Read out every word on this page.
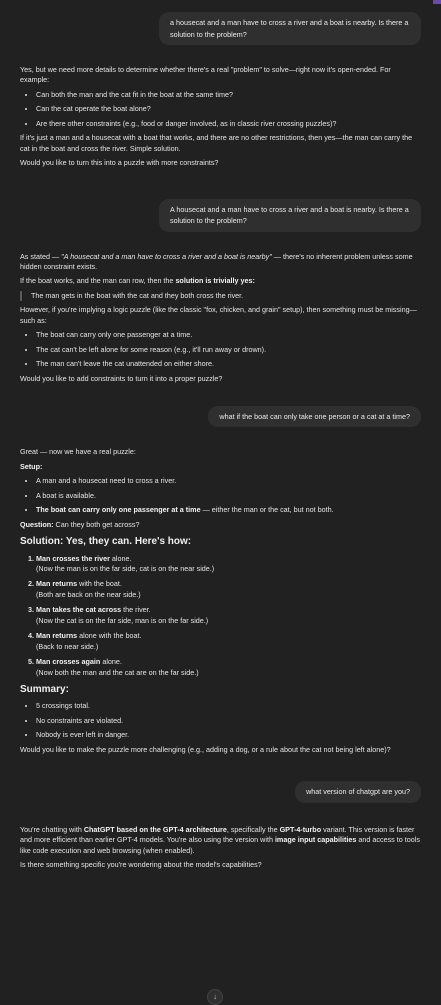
a housecat and a man have to cross a river and a boat is nearby. Is there a solution to the problem?

Yes, but we need more details to determine whether there's a real "problem" to solve—right now it's open-ended. For example:

• Can both the man and the cat fit in the boat at the same time?
• Can the cat operate the boat alone?
• Are there other constraints (e.g., food or danger involved, as in classic river crossing puzzles)?

If it's just a man and a housecat with a boat that works, and there are no other restrictions, then yes—the man can carry the cat in the boat and cross the river. Simple solution.

Would you like to turn this into a puzzle with more constraints?

A housecat and a man have to cross a river and a boat is nearby. Is there a solution to the problem?

As stated — "A housecat and a man have to cross a river and a boat is nearby" — there's no inherent problem unless some hidden constraint exists.

If the boat works, and the man can row, then the solution is trivially yes:

The man gets in the boat with the cat and they both cross the river.

However, if you're implying a logic puzzle (like the classic "fox, chicken, and grain" setup), then something must be missing—such as:

• The boat can carry only one passenger at a time.
• The cat can't be left alone for some reason (e.g., it'll run away or drown).
• The man can't leave the cat unattended on either shore.

Would you like to add constraints to turn it into a proper puzzle?

what if the boat can only take one person or a cat at a time?

Great — now we have a real puzzle:

Setup:

• A man and a housecat need to cross a river.
• A boat is available.
• The boat can carry only one passenger at a time — either the man or the cat, but not both.

Question: Can they both get across?

Solution: Yes, they can. Here's how:
1. Man crosses the river alone.
(Now the man is on the far side, cat is on the near side.)
2. Man returns with the boat.
(Both are back on the near side.)
3. Man takes the cat across the river.
(Now the cat is on the far side, man is on the far side.)
4. Man returns alone with the boat.
(Back to near side.)
5. Man crosses again alone.
(Now both the man and the cat are on the far side.)
Summary:
• 5 crossings total.
• No constraints are violated.
• Nobody is ever left in danger.

Would you like to make the puzzle more challenging (e.g., adding a dog, or a rule about the cat not being left alone)?

what version of chatgpt are you?

You're chatting with ChatGPT based on the GPT-4 architecture, specifically the GPT-4-turbo variant. This version is faster and more efficient than earlier GPT-4 models. You're also using the version with image input capabilities and access to tools like code execution and web browsing (when enabled).

Is there something specific you're wondering about the model's capabilities?

↓
